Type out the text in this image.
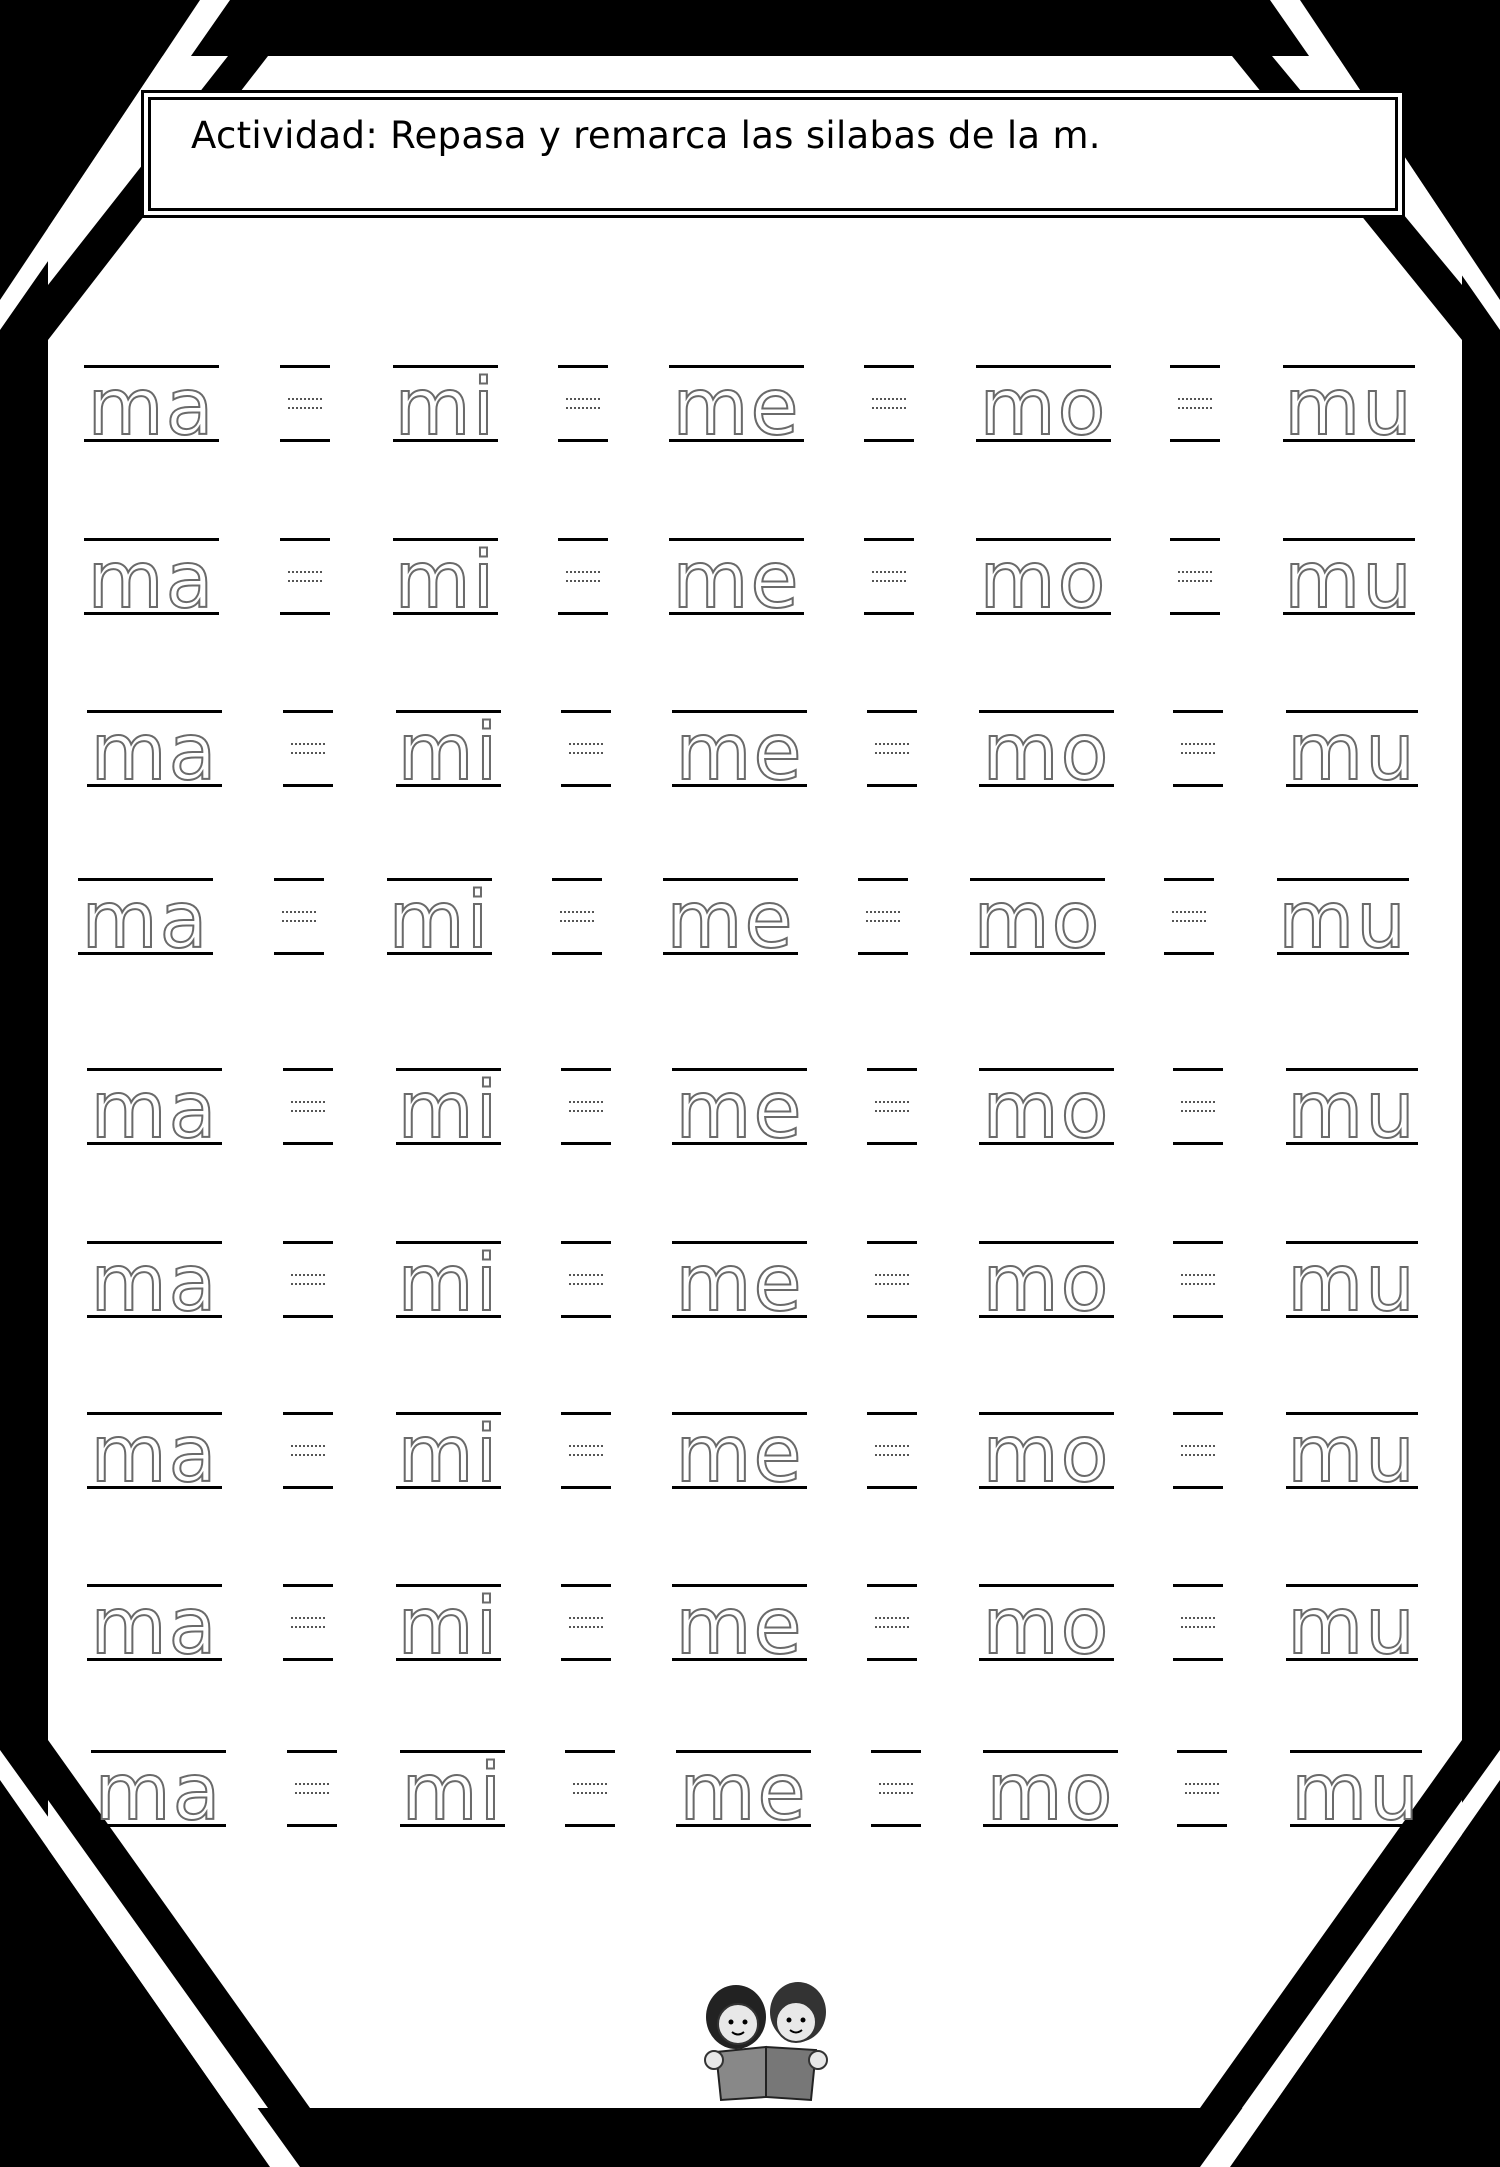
Actividad: Repasa y remarca las silabas de la m.
ma mi me mo mu
ma mi me mo mu
ma mi me mo mu
ma mi me mo mu
ma mi me mo mu
ma mi me mo mu
ma mi me mo mu
ma mi me mo mu
ma mi me mo mu
